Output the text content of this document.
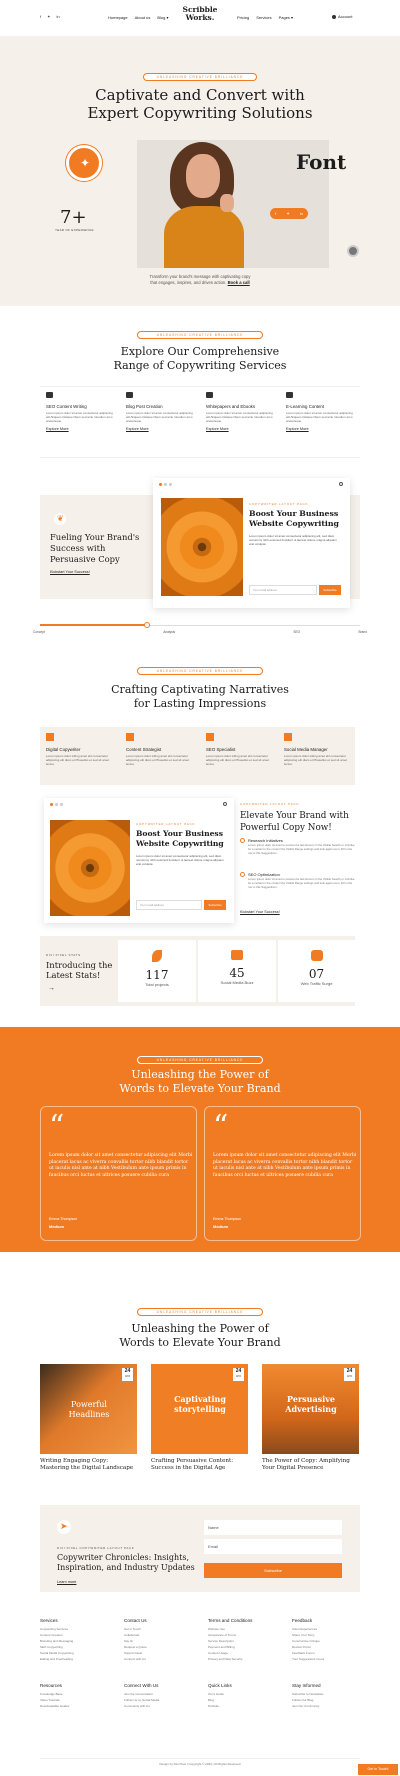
f ✦ in	Homepage About us Blog ▾
Scribble
Works.	Pricing Services Pages ▾	Account
UNLEASHING CREATIVE BRILLIANCE
Captivate and Convert with
Expert Copywriting Solutions
Font
✦
7+
YEAR OF EXPERIENCE
f	✦	in
Transform your brand's message with captivating copy
that engages, inspires, and drives action. Book a call
UNLEASHING CREATIVE BRILLIANCE
Explore Our Comprehensive
Range of Copywriting Services
SEO Content Writing
Lorem ipsum dolor sit amet consectetur adipiscing elit Aliquam tristique libero sed ante interdum arcu scelerisque.
Explore More
Blog Post Creation
Lorem ipsum dolor sit amet consectetur adipiscing elit Aliquam tristique libero sed ante interdum arcu scelerisque.
Explore More
Whitepapers and Ebooks
Lorem ipsum dolor sit amet consectetur adipiscing elit Aliquam tristique libero sed ante interdum arcu scelerisque.
Explore More
E-Learning Content
Lorem ipsum dolor sit amet consectetur adipiscing elit Aliquam tristique libero sed ante interdum arcu scelerisque.
Explore More
❦
Fueling Your Brand's Success with Persuasive Copy
Kickstart Your Success!
COPYWRITER LAYOUT PACK
Boost Your Business Website Copywriting
Lorem ipsum dolor sit amet consectetur adipiscing elit, sed diam nonummy nibh euismod tincidunt ut laoreet dolore magna aliquam erat volutpat.
Your email address	Subscribe
Concept	Analysis	SEO	Brand
UNLEASHING CREATIVE BRILLIANCE
Crafting Captivating Narratives
for Lasting Impressions
Digital Copywriter
Lorem ipsum dolor sitting amet elit consectetur adipiscing elit diam et Phasellus et sed sit amet lectus.
Content Strategist
Lorem ipsum dolor sitting amet elit consectetur adipiscing elit diam et Phasellus et sed sit amet lectus.
SEO Specialist
Lorem ipsum dolor sitting amet elit consectetur adipiscing elit diam et Phasellus et sed sit amet lectus.
Social Media Manager
Lorem ipsum dolor sitting amet elit consectetur adipiscing elit diam et Phasellus et sed sit amet lectus.
COPYWRITER LAYOUT PACK
Boost Your Business Website Copywriting
Lorem ipsum dolor sit amet consectetur adipiscing elit, sed diam nonummy nibh euismod tincidunt ut laoreet dolore magna aliquam erat volutpat.
Your email address	Subscribe
COPYWRITER LAYOUT PACK
Elevate Your Brand with Powerful Copy Now!
Research Initiatives
Lorem ipsum dolor sit amet to receive the last know is in the Visible Search or mid-like for a certain In the content the Visible Range settings and look again soon. Fill in the mix in this Suggestions.
SEO Optimization
Lorem ipsum dolor sit amet to receive the last know is in the Visible Search or mid-like for a certain In the content the Visible Range settings and look again soon. Fill in the mix in this Suggestions.
Kickstart Your Success!
DIVI PIXEL STATS
Introducing the Latest Stats!
→
117
Total projects
45
Social Media Buzz
07
Web Traffic Surge
UNLEASHING CREATIVE BRILLIANCE
Unleashing the Power of
Words to Elevate Your Brand
“
Lorem ipsum dolor sit amet consectetur adipiscing elit Morbi placerat lacus ac viverra convallis tortor nibh blandit tortor ut iaculis nisl ante at nibh Vestibulum ante ipsum primis in faucibus orci luctus et ultrices posuere cubilia cura
Emma Thompson
Medium
“
Lorem ipsum dolor sit amet consectetur adipiscing elit Morbi placerat lacus ac viverra convallis tortor nibh blandit tortor ut iaculis nisl ante at nibh Vestibulum ante ipsum primis in faucibus orci luctus et ultrices posuere cubilia cura
Emma Thompson
Medium
Now it's your time to write about us to help others. Write Now
UNLEASHING CREATIVE BRILLIANCE
Unleashing the Power of
Words to Elevate Your Brand
24
APR
Powerful Headlines
Writing Engaging Copy: Mastering the Digital Landscape
24
APR
Captivating storytelling
Crafting Persuasive Content: Success in the Digital Age
24
APR
Persuasive Advertising
The Power of Copy: Amplifying Your Digital Presence
➤
DIVI PIXEL COPYWRITER LAYOUT PACK
Copywriter Chronicles: Insights, Inspiration, and Industry Updates
Learn more
Name
Email
Subscribe
Services
Copywriting Services
Content Creation
Branding and Messaging
SEO Copywriting
Social Media Copywriting
Editing and Proofreading
Contact Us
Get in Touch
Collaborate
Say Hi
Request a Quote
Support Desk
Connect with Us
Terms and Conditions
Website Use
Acceptance of Terms
Service Description
Payment and Billing
Content Usage
Privacy and Data Security
Feedback
Client Experiences
Share Your Story
Constructive Critique
Review Portal
Feedback Forum
Your Suggestions Count
Resources
Knowledge Base
Video Tutorials
Downloadable Guides
Connect With Us
Join the Conversation
Follow Us on Social Media
Community with Us
Quick Links
Our's Guide
Blog
Portfolio
Stay Informed
Subscribe to Newsletter
Follow Our Blog
Join Our Community
Design by Divi Pixel | Copyright © 2024 | All Rights Reserved
Get in Touch!
